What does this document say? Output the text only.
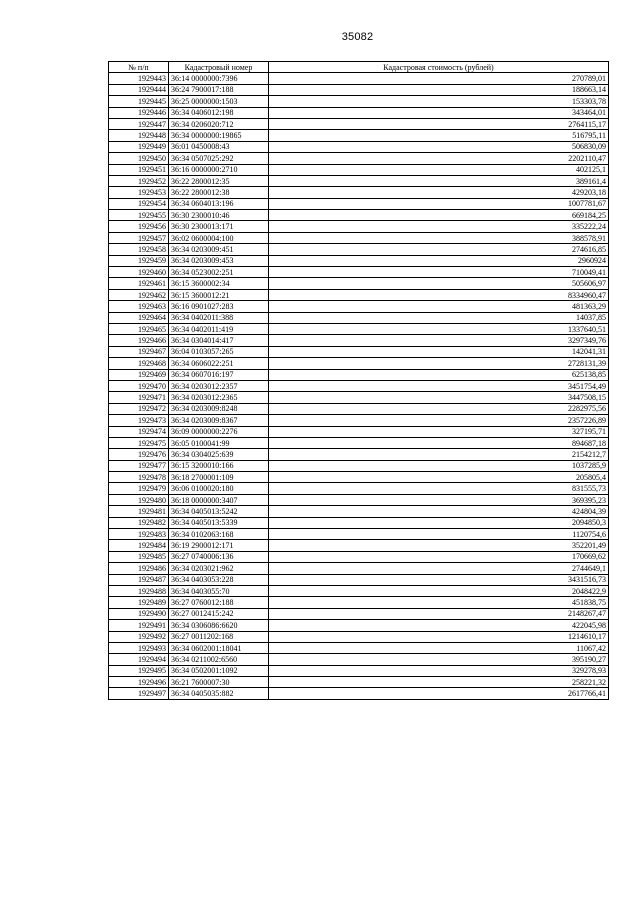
35082
№ п/п	Кадастровый номер	Кадастровая стоимость (рублей)
1929443	36:14 0000000:7396	270789,01
1929444	36:24 7900017:188	188663,14
1929445	36:25 0000000:1503	153303,78
1929446	36:34 0406012:198	343464,01
1929447	36:34 0206020:712	2764115,17
1929448	36:34 0000000:19865	516795,11
1929449	36:01 0450008:43	506830,09
1929450	36:34 0507025:292	2202110,47
1929451	36:16 0000000:2710	402125,1
1929452	36:22 2800012:35	389161,4
1929453	36:22 2800012:38	429203,18
1929454	36:34 0604013:196	1007781,67
1929455	36:30 2300010:46	669184,25
1929456	36:30 2300013:171	335222,24
1929457	36:02 0600004:100	388578,91
1929458	36:34 0203009:451	274616,85
1929459	36:34 0203009:453	2960924
1929460	36:34 0523002:251	710049,41
1929461	36:15 3600002:34	505606,97
1929462	36:15 3600012:21	8334960,47
1929463	36:16 0901027:283	481363,29
1929464	36:34 0402011:388	14037,85
1929465	36:34 0402011:419	1337640,51
1929466	36:34 0304014:417	3297349,76
1929467	36:04 0103057:265	142041,31
1929468	36:34 0606022:251	2728131,39
1929469	36:34 0607016:197	625138,85
1929470	36:34 0203012:2357	3451754,49
1929471	36:34 0203012:2365	3447508,15
1929472	36:34 0203009:8248	2282975,56
1929473	36:34 0203009:8367	2357226,89
1929474	36:09 0000000:2276	327195,71
1929475	36:05 0100041:99	894687,18
1929476	36:34 0304025:639	2154212,7
1929477	36:15 3200010:166	1037285,9
1929478	36:18 2700001:109	205805,4
1929479	36:06 0100020:180	831555,73
1929480	36:18 0000000:3407	369395,23
1929481	36:34 0405013:5242	424804,39
1929482	36:34 0405013:5339	2094850,3
1929483	36:34 0102063:168	1120754,6
1929484	36:19 2900012:171	352201,49
1929485	36:27 0740006:136	170669,62
1929486	36:34 0203021:962	2744649,1
1929487	36:34 0403053:228	3431516,73
1929488	36:34 0403055:70	2048422,9
1929489	36:27 0760012:188	451838,75
1929490	36:27 0012415:242	2148267,47
1929491	36:34 0306086:6620	422045,98
1929492	36:27 0011202:168	1214610,17
1929493	36:34 0602001:18041	11067,42
1929494	36:34 0211002:6560	395190,27
1929495	36:34 0502001:1092	329278,93
1929496	36:21 7600007:30	258221,32
1929497	36:34 0405035:882	2617766,41
